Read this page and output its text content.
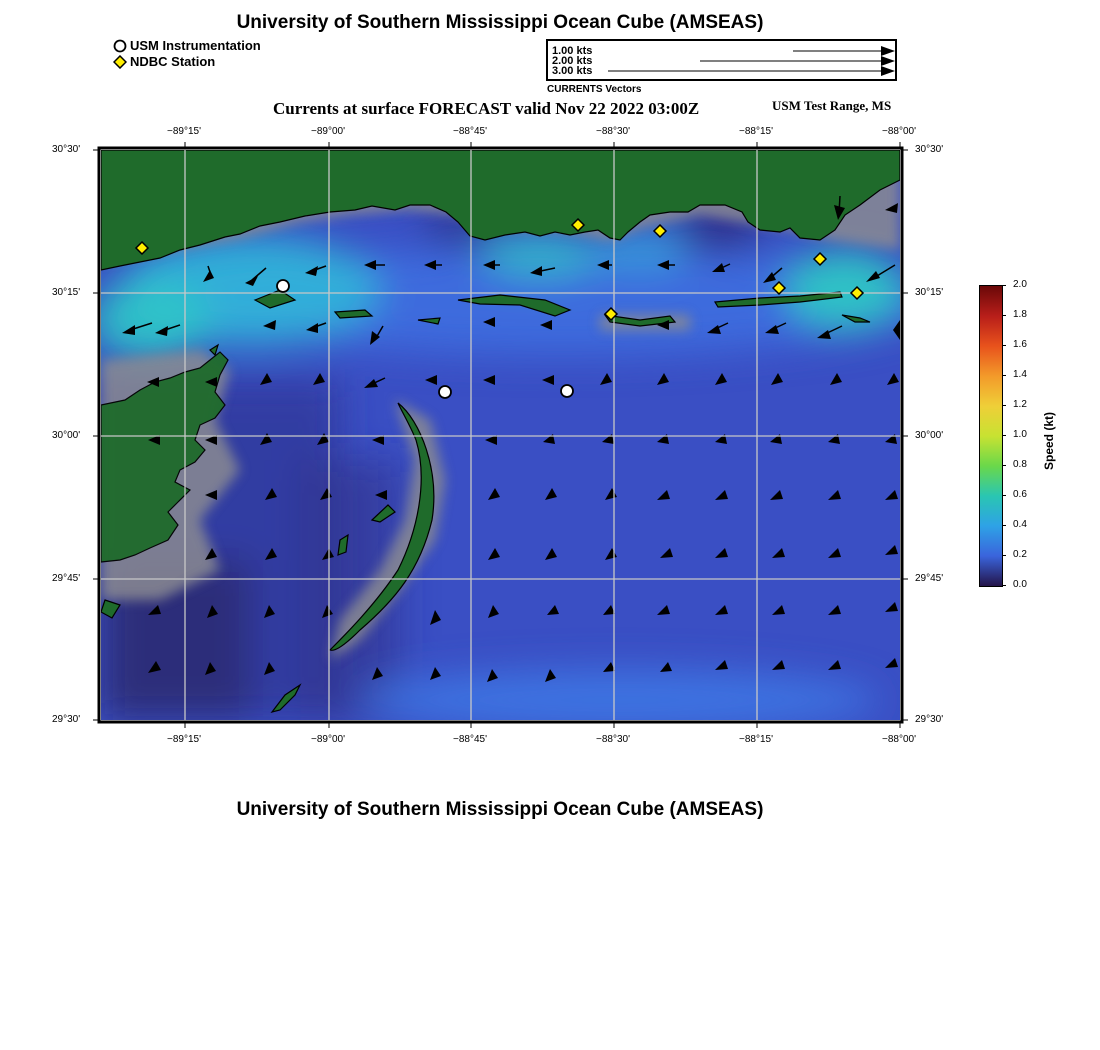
University of Southern Mississippi Ocean Cube (AMSEAS)
USM Instrumentation
NDBC Station
1.00 kts
2.00 kts
3.00 kts
CURRENTS Vectors
Currents at surface FORECAST valid Nov 22 2022 03:00Z	USM Test Range, MS
−89°15'	−89°00'	−88°45'	−88°30'	−88°15'	−88°00'
−89°15'	−89°00'	−88°45'	−88°30'	−88°15'	−88°00'
30°30'
30°15'
30°00'
29°45'
29°30'
30°30'
30°15'
30°00'
29°45'
29°30'
2.0
1.8
1.6
1.4
1.2
1.0
0.8
0.6
0.4
0.2
0.0
Speed (kt)
University of Southern Mississippi Ocean Cube (AMSEAS)
